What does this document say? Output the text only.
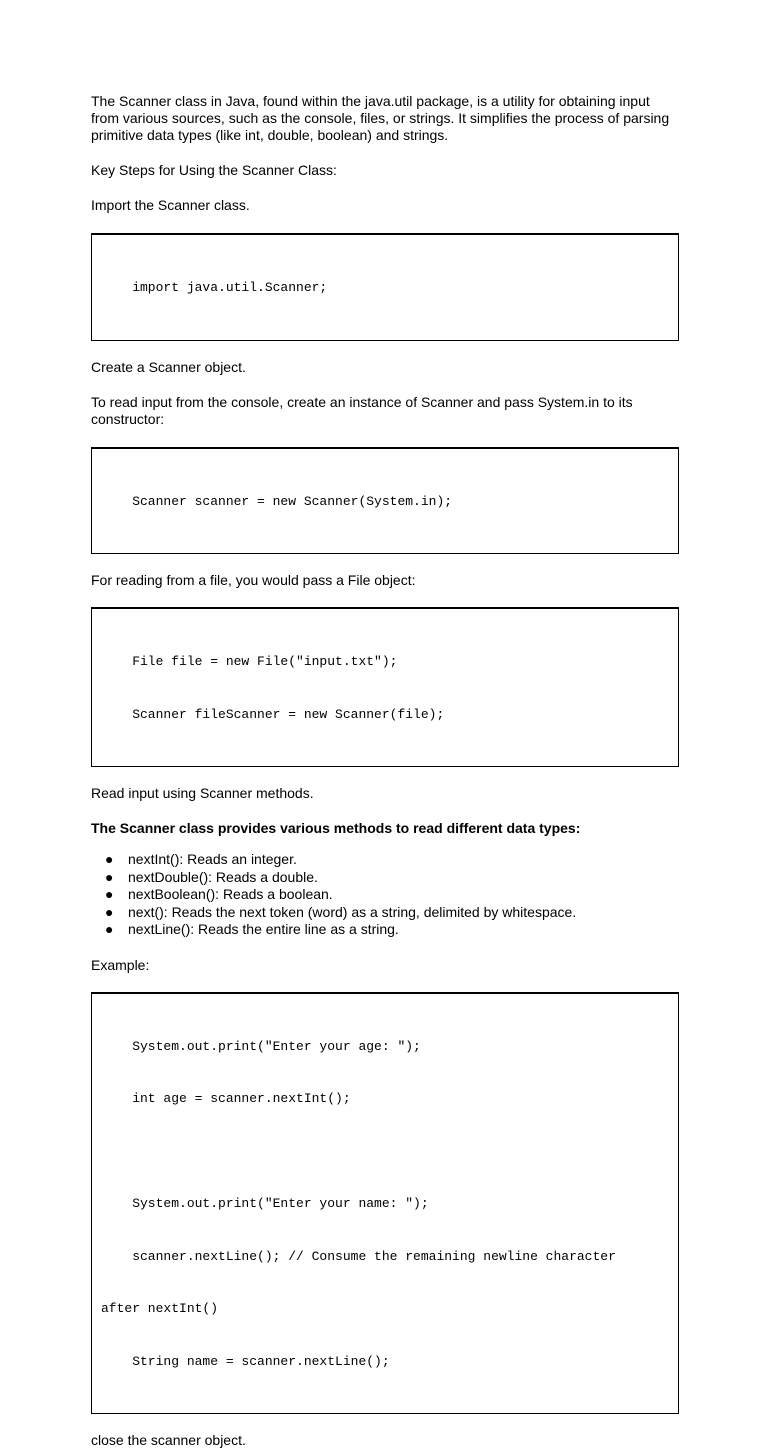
The Scanner class in Java, found within the java.util package, is a utility for obtaining input from various sources, such as the console, files, or strings. It simplifies the process of parsing primitive data types (like int, double, boolean) and strings.

Key Steps for Using the Scanner Class:

Import the Scanner class.

import java.util.Scanner;

Create a Scanner object.

To read input from the console, create an instance of Scanner and pass System.in to its constructor:

Scanner scanner = new Scanner(System.in);

For reading from a file, you would pass a File object:

File file = new File("input.txt");

Scanner fileScanner = new Scanner(file);

Read input using Scanner methods.

The Scanner class provides various methods to read different data types:

● nextInt(): Reads an integer.
● nextDouble(): Reads a double.
● nextBoolean(): Reads a boolean.
● next(): Reads the next token (word) as a string, delimited by whitespace.
● nextLine(): Reads the entire line as a string.

Example:

System.out.print("Enter your age: ");

int age = scanner.nextInt();

System.out.print("Enter your name: ");

scanner.nextLine(); // Consume the remaining newline character

after nextInt()

String name = scanner.nextLine();

close the scanner object.
